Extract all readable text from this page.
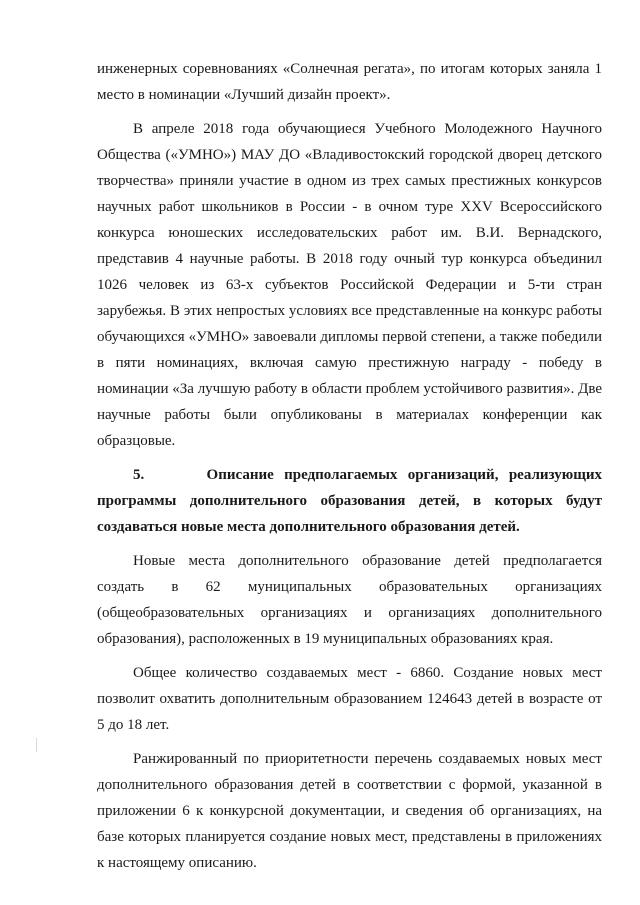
инженерных соревнованиях «Солнечная регата», по итогам которых заняла 1 место в номинации «Лучший дизайн проект».

В апреле 2018 года обучающиеся Учебного Молодежного Научного Общества («УМНО») МАУ ДО «Владивостокский городской дворец детского творчества» приняли участие в одном из трех самых престижных конкурсов научных работ школьников в России - в очном туре XXV Всероссийского конкурса юношеских исследовательских работ им. В.И. Вернадского, представив 4 научные работы. В 2018 году очный тур конкурса объединил 1026 человек из 63-х субъектов Российской Федерации и 5-ти стран зарубежья. В этих непростых условиях все представленные на конкурс работы обучающихся «УМНО» завоевали дипломы первой степени, а также победили в пяти номинациях, включая самую престижную награду - победу в номинации «За лучшую работу в области проблем устойчивого развития». Две научные работы были опубликованы в материалах конференции как образцовые.

5.      Описание предполагаемых организаций, реализующих программы дополнительного образования детей, в которых будут создаваться новые места дополнительного образования детей.

Новые места дополнительного образование детей предполагается создать в 62 муниципальных образовательных организациях (общеобразовательных организациях и организациях дополнительного образования), расположенных в 19 муниципальных образованиях края.

Общее количество создаваемых мест - 6860. Создание новых мест позволит охватить дополнительным образованием 124643 детей в возрасте от 5 до 18 лет.

Ранжированный по приоритетности перечень создаваемых новых мест дополнительного образования детей в соответствии с формой, указанной в приложении 6 к конкурсной документации, и сведения об организациях, на базе которых планируется создание новых мест, представлены в приложениях к настоящему описанию.
